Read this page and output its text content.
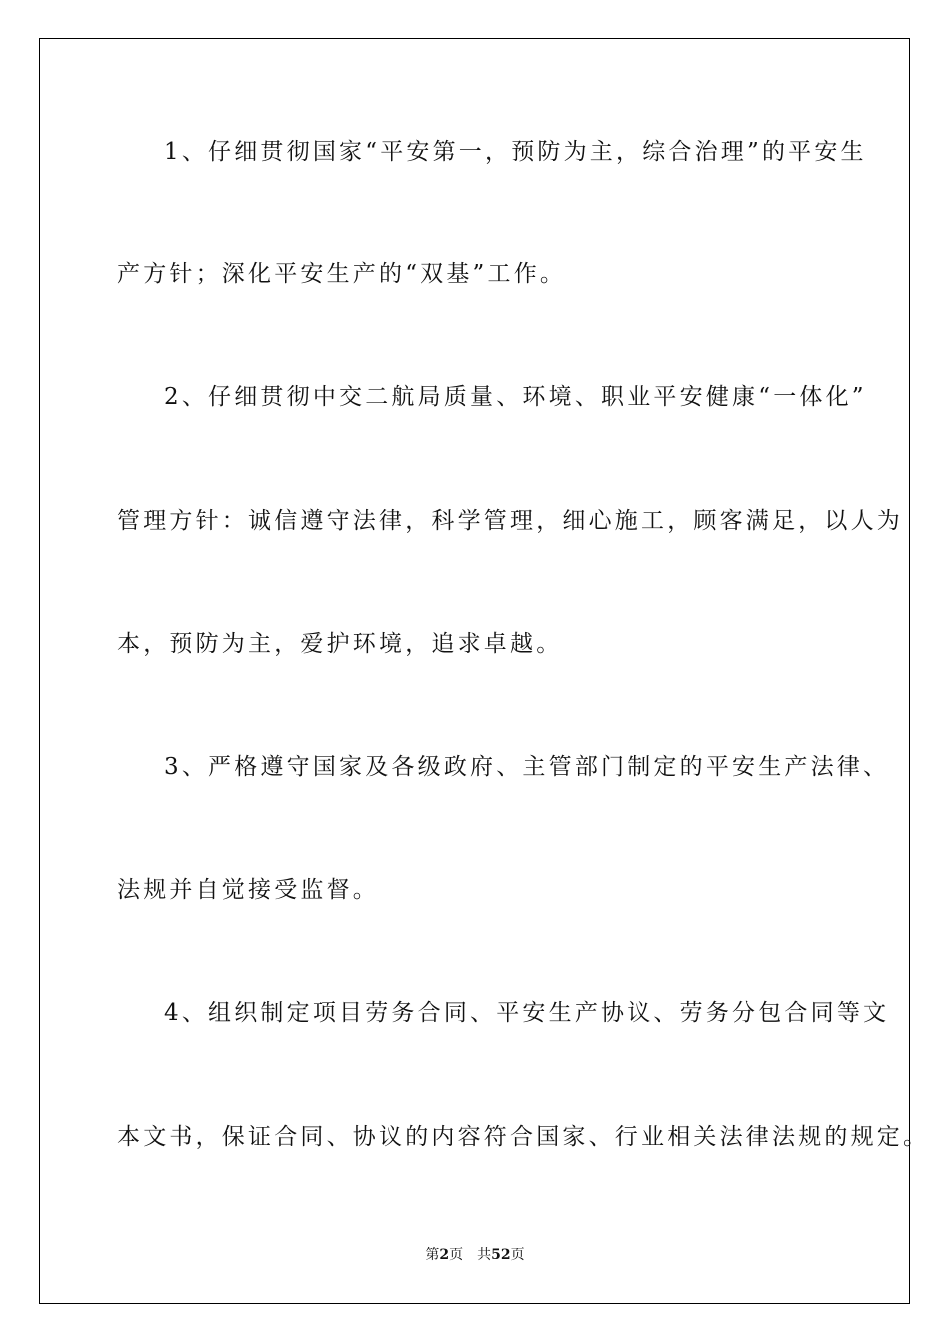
1、仔细贯彻国家“平安第一，预防为主，综合治理”的平安生
产方针；深化平安生产的“双基”工作。
2、仔细贯彻中交二航局质量、环境、职业平安健康“一体化”
管理方针：诚信遵守法律，科学管理，细心施工，顾客满足，以人为
本，预防为主，爱护环境，追求卓越。
3、严格遵守国家及各级政府、主管部门制定的平安生产法律、
法规并自觉接受监督。
4、组织制定项目劳务合同、平安生产协议、劳务分包合同等文
本文书，保证合同、协议的内容符合国家、行业相关法律法规的规定。
第2页 共52页
